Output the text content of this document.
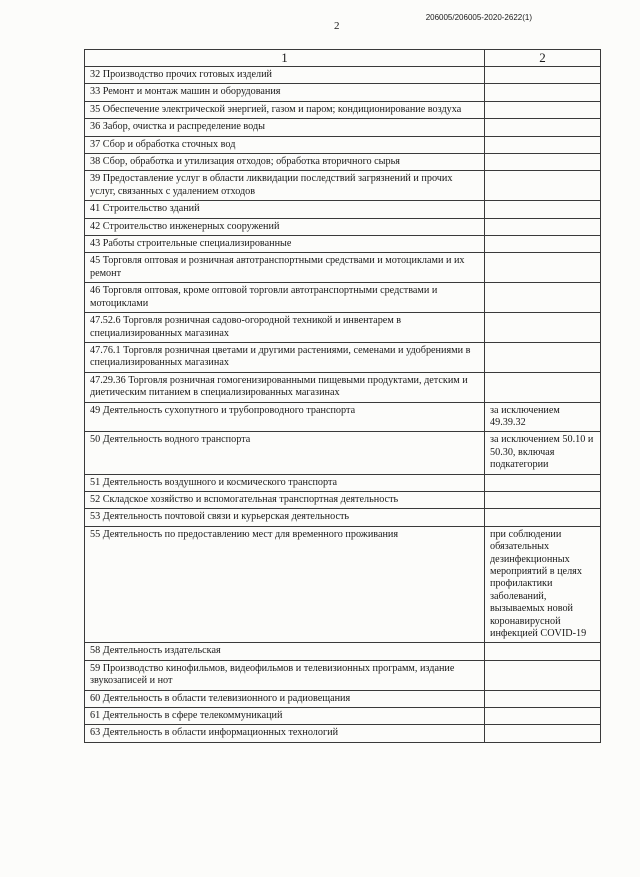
2
206005/206005-2020-2622(1)
1	2
32 Производство прочих готовых изделий	
33 Ремонт и монтаж машин и оборудования	
35 Обеспечение электрической энергией, газом и паром; кондиционирование воздуха	
36 Забор, очистка и распределение воды	
37 Сбор и обработка сточных вод	
38 Сбор, обработка и утилизация отходов; обработка вторичного сырья	
39 Предоставление услуг в области ликвидации последствий загрязнений и прочих услуг, связанных с удалением отходов	
41 Строительство зданий	
42 Строительство инженерных сооружений	
43 Работы строительные специализированные	
45 Торговля оптовая и розничная автотранспортными средствами и мотоциклами и их ремонт	
46 Торговля оптовая, кроме оптовой торговли автотранспортными средствами и мотоциклами	
47.52.6 Торговля розничная садово-огородной техникой и инвентарем в специализированных магазинах	
47.76.1 Торговля розничная цветами и другими растениями, семенами и удобрениями в специализированных магазинах	
47.29.36 Торговля розничная гомогенизированными пищевыми продуктами, детским и диетическим питанием в специализированных магазинах	
49 Деятельность сухопутного и трубопроводного транспорта	за исключением 49.39.32
50 Деятельность водного транспорта	за исключением 50.10 и 50.30, включая подкатегории
51 Деятельность воздушного и космического транспорта	
52 Складское хозяйство и вспомогательная транспортная деятельность	
53 Деятельность почтовой связи и курьерская деятельность	
55 Деятельность по предоставлению мест для временного проживания	при соблюдении обязательных дезинфекционных мероприятий в целях профилактики заболеваний, вызываемых новой коронавирусной инфекцией COVID-19
58 Деятельность издательская	
59 Производство кинофильмов, видеофильмов и телевизионных программ, издание звукозаписей и нот	
60 Деятельность в области телевизионного и радиовещания	
61 Деятельность в сфере телекоммуникаций	
63 Деятельность в области информационных технологий	
